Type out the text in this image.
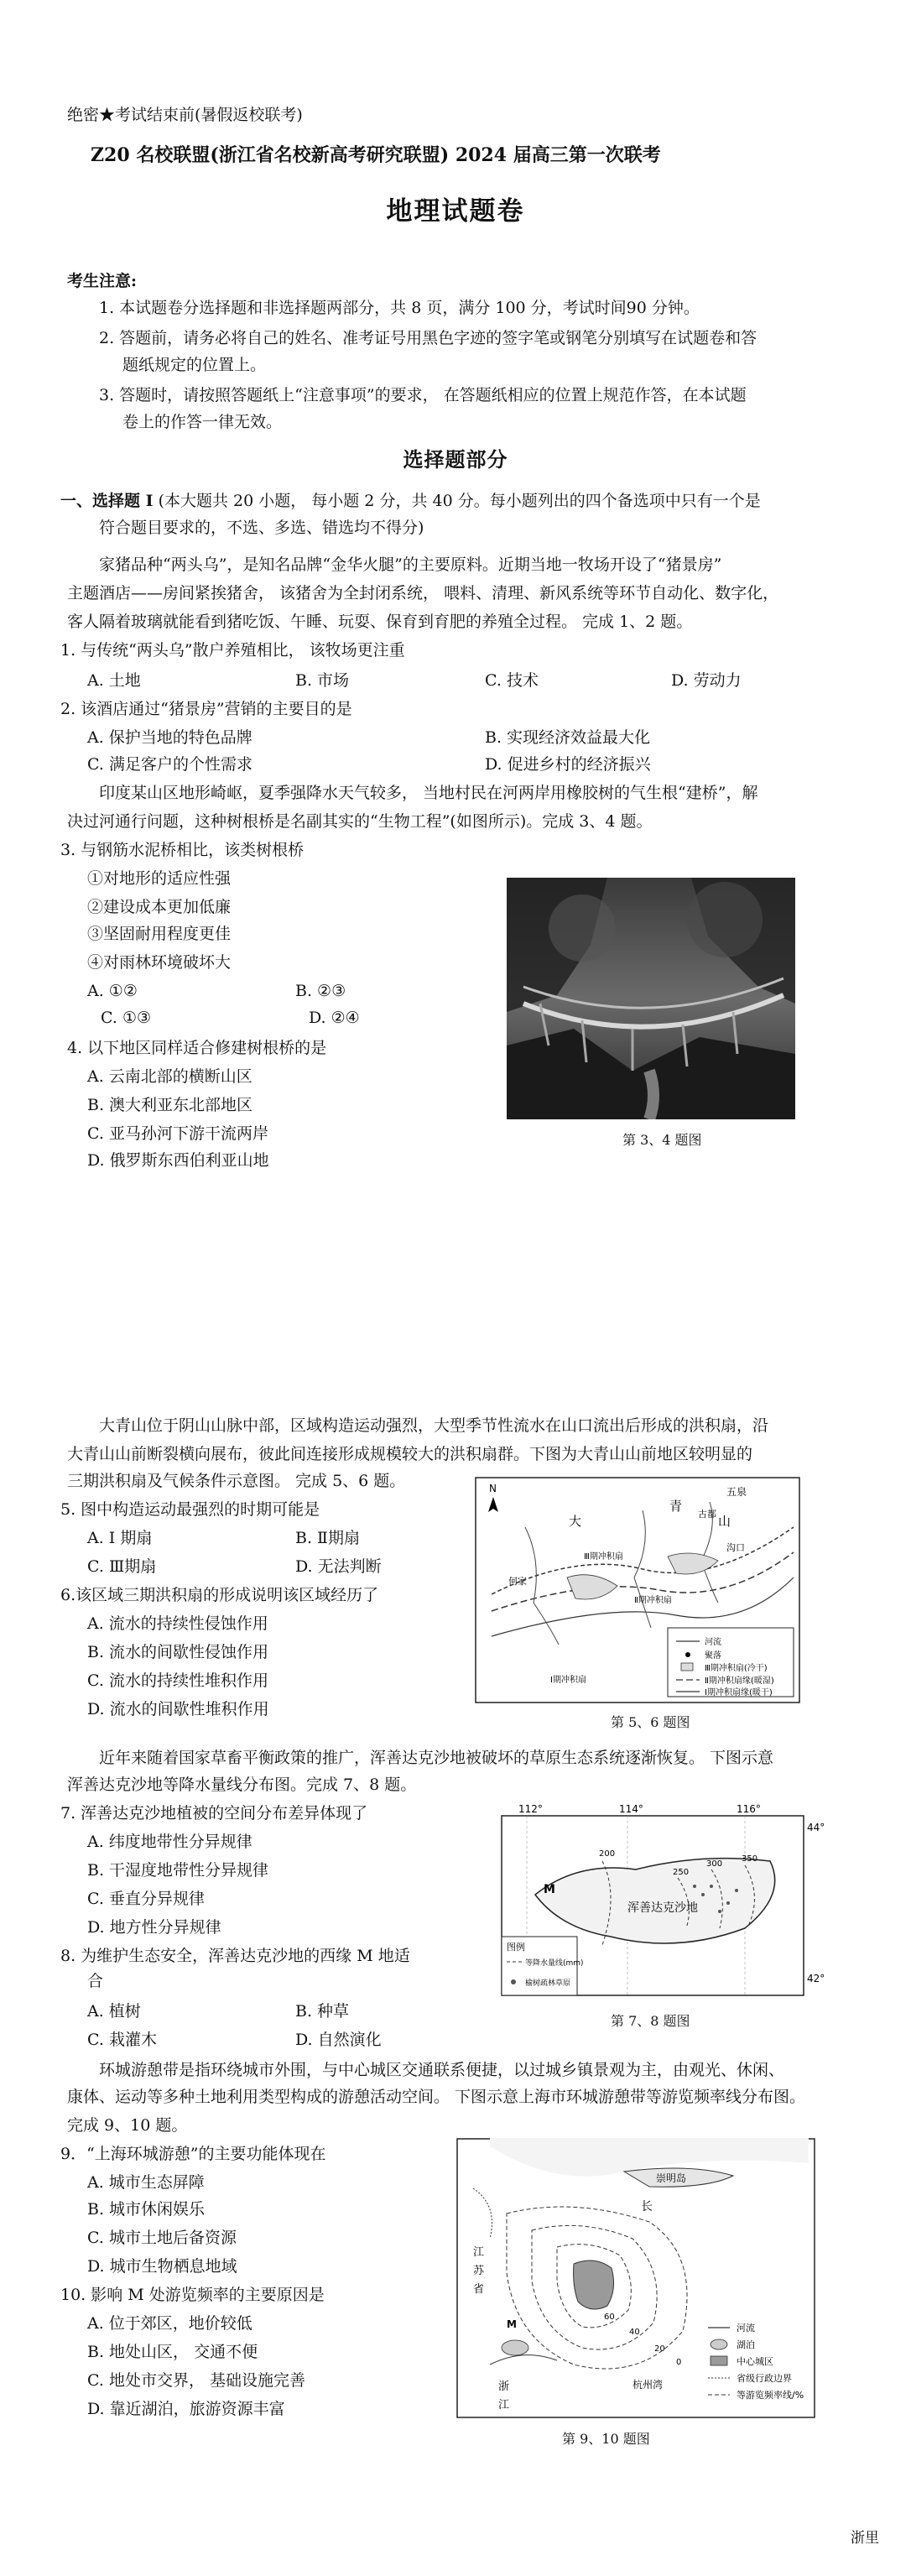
绝密★考试结束前(暑假返校联考)
Z20 名校联盟(浙江省名校新高考研究联盟) 2024 届高三第一次联考
地理试题卷
考生注意:
1. 本试题卷分选择题和非选择题两部分，共 8 页，满分 100 分，考试时间90 分钟。
2. 答题前，请务必将自己的姓名、准考证号用黑色字迹的签字笔或钢笔分别填写在试题卷和答
题纸规定的位置上。
3. 答题时，请按照答题纸上“注意事项”的要求， 在答题纸相应的位置上规范作答，在本试题
卷上的作答一律无效。
选择题部分
一、选择题 Ⅰ (本大题共 20 小题， 每小题 2 分，共 40 分。每小题列出的四个备选项中只有一个是
符合题目要求的，不选、多选、错选均不得分)
家猪品种“两头乌”，是知名品牌“金华火腿”的主要原料。近期当地一牧场开设了“猪景房”
主题酒店——房间紧挨猪舍， 该猪舍为全封闭系统， 喂料、清理、新风系统等环节自动化、数字化，
客人隔着玻璃就能看到猪吃饭、午睡、玩耍、保育到育肥的养殖全过程。 完成 1、2 题。
1. 与传统“两头乌”散户养殖相比， 该牧场更注重
A. 土地	B. 市场	C. 技术	D. 劳动力
2. 该酒店通过“猪景房”营销的主要目的是
A. 保护当地的特色品牌	B. 实现经济效益最大化
C. 满足客户的个性需求	D. 促进乡村的经济振兴
印度某山区地形崎岖，夏季强降水天气较多， 当地村民在河两岸用橡胶树的气生根“建桥”，解
决过河通行问题，这种树根桥是名副其实的“生物工程”(如图所示)。完成 3、4 题。
3. 与钢筋水泥桥相比，该类树根桥
①对地形的适应性强
②建设成本更加低廉
③坚固耐用程度更佳
④对雨林环境破坏大
A. ①②	B. ②③
C. ①③	D. ②④
4. 以下地区同样适合修建树根桥的是
A. 云南北部的横断山区
B. 澳大利亚东北部地区
C. 亚马孙河下游干流两岸
D. 俄罗斯东西伯利亚山地
第 3、4 题图
大青山位于阴山山脉中部，区域构造运动强烈，大型季节性流水在山口流出后形成的洪积扇，沿
大青山山前断裂横向展布，彼此间连接形成规模较大的洪积扇群。下图为大青山山前地区较明显的
三期洪积扇及气候条件示意图。 完成 5、6 题。
5. 图中构造运动最强烈的时期可能是
A. Ⅰ 期扇	B. Ⅱ期扇
C. Ⅲ期扇	D. 无法判断
6.该区域三期洪积扇的形成说明该区域经历了
A. 流水的持续性侵蚀作用
B. 流水的间歇性侵蚀作用
C. 流水的持续性堆积作用
D. 流水的间歇性堆积作用
N
大
青
山
五泉
古都
何家
沟口
Ⅲ期冲积扇
Ⅱ期冲积扇
Ⅰ期冲积扇
河流
聚落
Ⅲ期冲积扇(冷干)
Ⅱ期冲积扇缘(暖湿)
Ⅰ期冲积扇缘(暖干)
第 5、6 题图
近年来随着国家草畜平衡政策的推广，浑善达克沙地被破坏的草原生态系统逐渐恢复。 下图示意
浑善达克沙地等降水量线分布图。完成 7、8 题。
7. 浑善达克沙地植被的空间分布差异体现了
A. 纬度地带性分异规律
B. 干湿度地带性分异规律
C. 垂直分异规律
D. 地方性分异规律
8. 为维护生态安全，浑善达克沙地的西缘 M 地适
合
A. 植树	B. 种草
C. 栽灌木	D. 自然演化
112°	114°	116°
44°
42°
M
浑善达克沙地
200
250
300
350
图例
等降水量线(mm)
榆树疏林草原
第 7、8 题图
环城游憩带是指环绕城市外围，与中心城区交通联系便捷，以过城乡镇景观为主，由观光、休闲、
康体、运动等多种土地利用类型构成的游憩活动空间。 下图示意上海市环城游憩带等游览频率线分布图。
完成 9、10 题。
9．“上海环城游憩”的主要功能体现在
A. 城市生态屏障
B. 城市休闲娱乐
C. 城市土地后备资源
D. 城市生物栖息地域
10. 影响 M 处游览频率的主要原因是
A. 位于郊区，地价较低
B. 地处山区， 交通不便
C. 地处市交界， 基础设施完善
D. 靠近湖泊，旅游资源丰富
崇明岛
长
江
苏
省
浙
江
杭州湾
M
60
40
20
0
河流
湖泊
中心城区
省级行政边界
等游览频率线/%
第 9、10 题图
浙里
